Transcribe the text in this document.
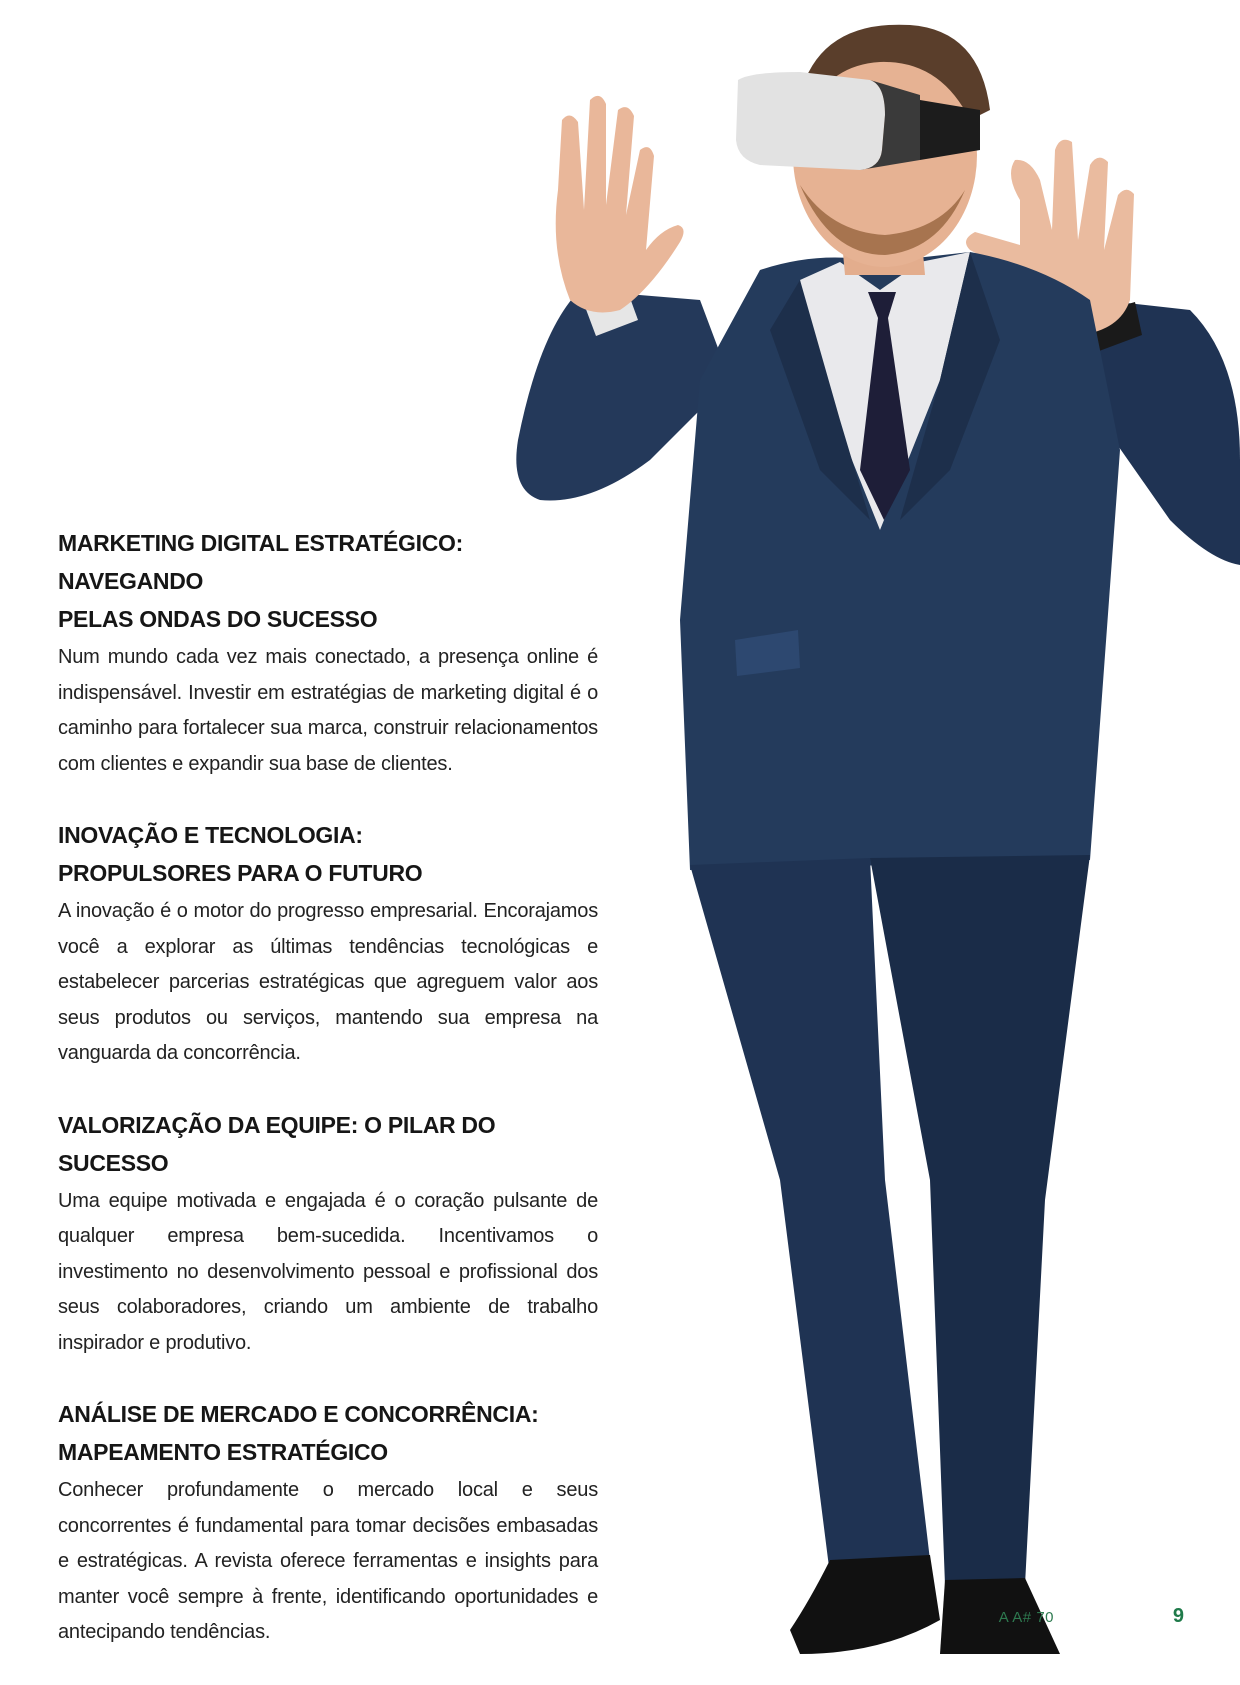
MARKETING DIGITAL ESTRATÉGICO: NAVEGANDO
PELAS ONDAS DO SUCESSO

Num mundo cada vez mais conectado, a presença online é indispensável. Investir em estratégias de marketing digital é o caminho para fortalecer sua marca, construir relacionamentos com clientes e expandir sua base de clientes.

INOVAÇÃO E TECNOLOGIA:
PROPULSORES PARA O FUTURO

A inovação é o motor do progresso empresarial. Encorajamos você a explorar as últimas tendências tecnológicas e estabelecer parcerias estratégicas que agreguem valor aos seus produtos ou serviços, mantendo sua empresa na vanguarda da concorrência.

VALORIZAÇÃO DA EQUIPE: O PILAR DO SUCESSO

Uma equipe motivada e engajada é o coração pulsante de qualquer empresa bem-sucedida. Incentivamos o investimento no desenvolvimento pessoal e profissional dos seus colaboradores, criando um ambiente de trabalho inspirador e produtivo.

ANÁLISE DE MERCADO E CONCORRÊNCIA:
MAPEAMENTO ESTRATÉGICO

Conhecer profundamente o mercado local e seus concorrentes é fundamental para tomar decisões embasadas e estratégicas. A revista oferece ferramentas e insights para manter você sempre à frente, identificando oportunidades e antecipando tendências.

A A# 70	9
